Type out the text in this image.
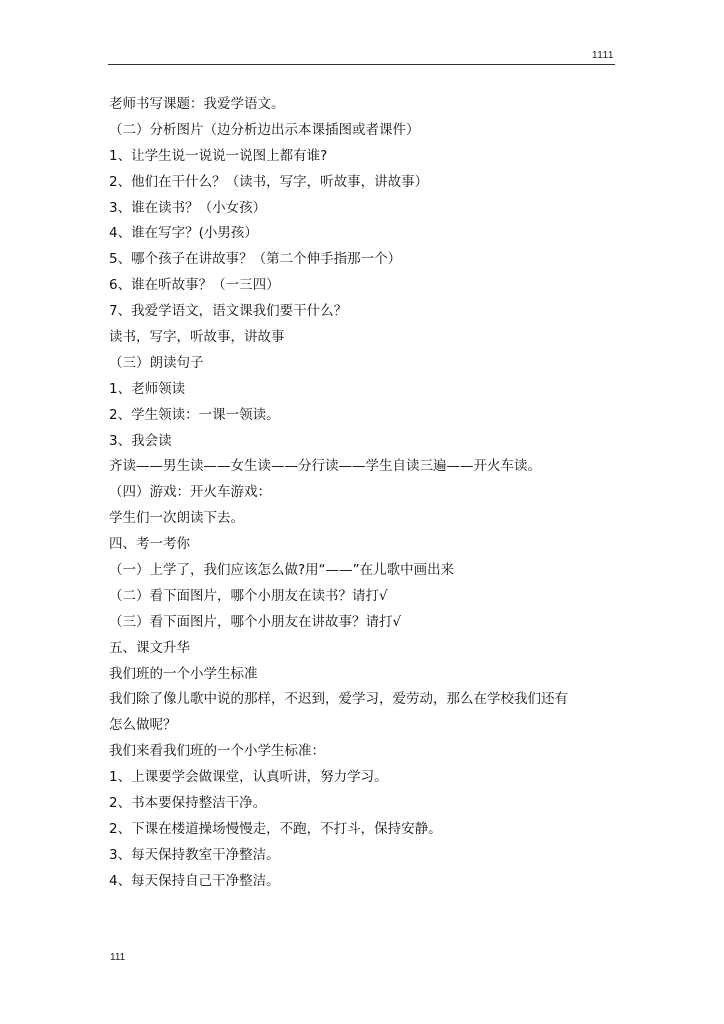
1111
老师书写课题：我爱学语文。
（二）分析图片（边分析边出示本课插图或者课件）
1、让学生说一说说一说图上都有谁?
2、他们在干什么？（读书，写字，听故事，讲故事）
3、谁在读书？（小女孩）
4、谁在写字？(小男孩）
5、哪个孩子在讲故事？（第二个伸手指那一个）
6、谁在听故事？（一三四）
7、我爱学语文，语文课我们要干什么？
读书，写字，听故事，讲故事
（三）朗读句子
1、老师领读
2、学生领读：一课一领读。
3、我会读
齐读——男生读——女生读——分行读——学生自读三遍——开火车读。
（四）游戏：开火车游戏：
学生们一次朗读下去。
四、考一考你
（一）上学了，我们应该怎么做?用“——”在儿歌中画出来
（二）看下面图片，哪个小朋友在读书？请打√
（三）看下面图片，哪个小朋友在讲故事？请打√
五、课文升华
我们班的一个小学生标准
我们除了像儿歌中说的那样，不迟到，爱学习，爱劳动，那么在学校我们还有
怎么做呢？
我们来看我们班的一个小学生标准：
1、上课要学会做课堂，认真听讲，努力学习。
2、书本要保持整洁干净。
2、下课在楼道操场慢慢走，不跑，不打斗，保持安静。
3、每天保持教室干净整洁。
4、每天保持自己干净整洁。
111
